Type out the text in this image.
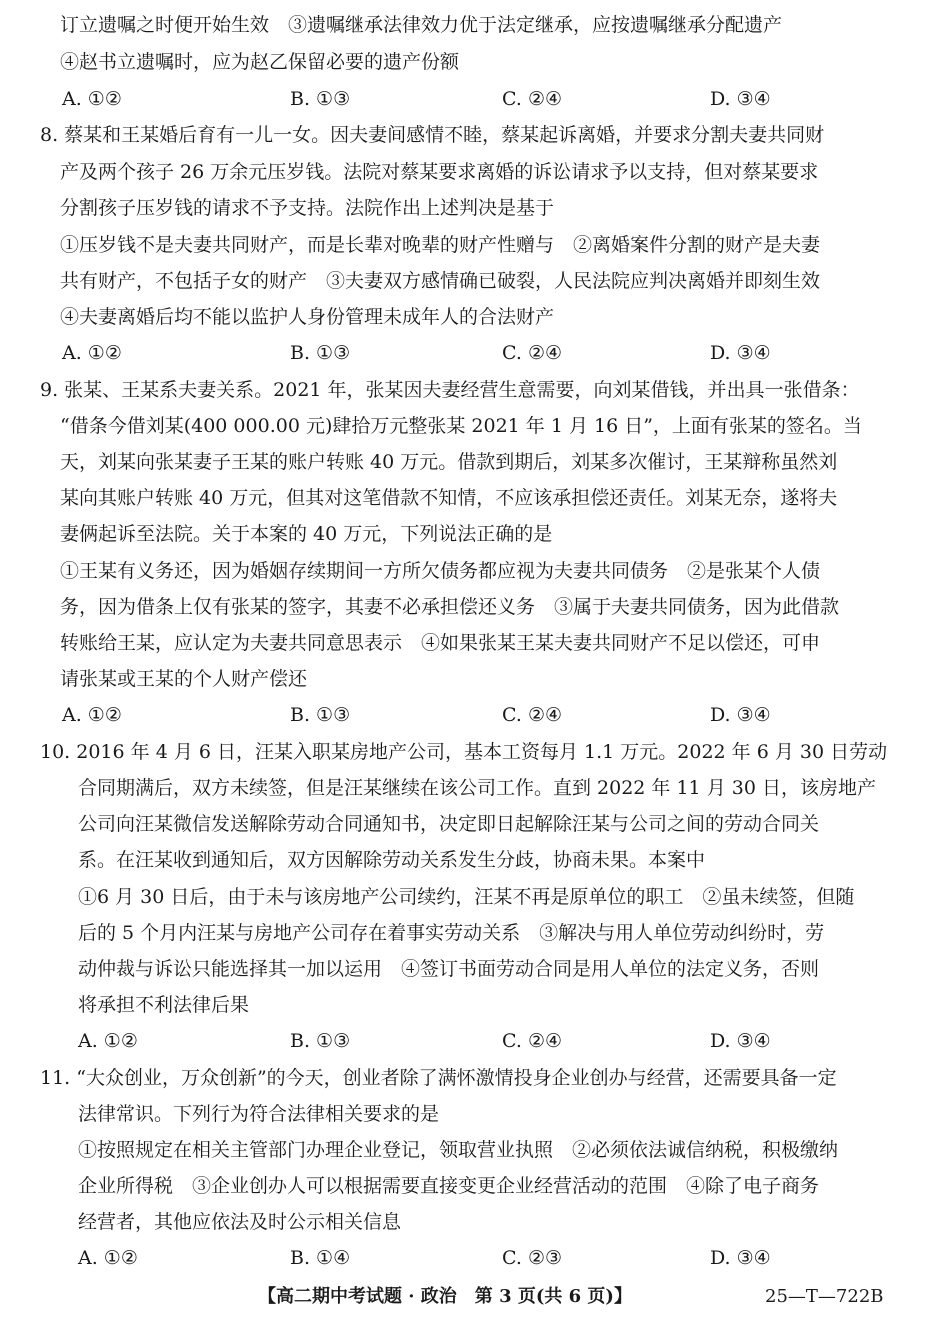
订立遗嘱之时便开始生效　③遗嘱继承法律效力优于法定继承，应按遗嘱继承分配遗产
④赵书立遗嘱时，应为赵乙保留必要的遗产份额
A. ①②	B. ①③	C. ②④	D. ③④
8. 蔡某和王某婚后育有一儿一女。因夫妻间感情不睦，蔡某起诉离婚，并要求分割夫妻共同财
产及两个孩子 26 万余元压岁钱。法院对蔡某要求离婚的诉讼请求予以支持，但对蔡某要求
分割孩子压岁钱的请求不予支持。法院作出上述判决是基于
①压岁钱不是夫妻共同财产，而是长辈对晚辈的财产性赠与　②离婚案件分割的财产是夫妻
共有财产，不包括子女的财产　③夫妻双方感情确已破裂，人民法院应判决离婚并即刻生效
④夫妻离婚后均不能以监护人身份管理未成年人的合法财产
A. ①②	B. ①③	C. ②④	D. ③④
9. 张某、王某系夫妻关系。2021 年，张某因夫妻经营生意需要，向刘某借钱，并出具一张借条：
“借条今借刘某(400 000.00 元)肆拾万元整张某 2021 年 1 月 16 日”，上面有张某的签名。当
天，刘某向张某妻子王某的账户转账 40 万元。借款到期后，刘某多次催讨，王某辩称虽然刘
某向其账户转账 40 万元，但其对这笔借款不知情，不应该承担偿还责任。刘某无奈，遂将夫
妻俩起诉至法院。关于本案的 40 万元，下列说法正确的是
①王某有义务还，因为婚姻存续期间一方所欠债务都应视为夫妻共同债务　②是张某个人债
务，因为借条上仅有张某的签字，其妻不必承担偿还义务　③属于夫妻共同债务，因为此借款
转账给王某，应认定为夫妻共同意思表示　④如果张某王某夫妻共同财产不足以偿还，可申
请张某或王某的个人财产偿还
A. ①②	B. ①③	C. ②④	D. ③④
10. 2016 年 4 月 6 日，汪某入职某房地产公司，基本工资每月 1.1 万元。2022 年 6 月 30 日劳动
合同期满后，双方未续签，但是汪某继续在该公司工作。直到 2022 年 11 月 30 日，该房地产
公司向汪某微信发送解除劳动合同通知书，决定即日起解除汪某与公司之间的劳动合同关
系。在汪某收到通知后，双方因解除劳动关系发生分歧，协商未果。本案中
①6 月 30 日后，由于未与该房地产公司续约，汪某不再是原单位的职工　②虽未续签，但随
后的 5 个月内汪某与房地产公司存在着事实劳动关系　③解决与用人单位劳动纠纷时，劳
动仲裁与诉讼只能选择其一加以运用　④签订书面劳动合同是用人单位的法定义务，否则
将承担不利法律后果
A. ①②	B. ①③	C. ②④	D. ③④
11. “大众创业，万众创新”的今天，创业者除了满怀激情投身企业创办与经营，还需要具备一定
法律常识。下列行为符合法律相关要求的是
①按照规定在相关主管部门办理企业登记，领取营业执照　②必须依法诚信纳税，积极缴纳
企业所得税　③企业创办人可以根据需要直接变更企业经营活动的范围　④除了电子商务
经营者，其他应依法及时公示相关信息
A. ①②	B. ①④	C. ②③	D. ③④
【高二期中考试题 · 政治　第 3 页(共 6 页)】	25—T—722B
